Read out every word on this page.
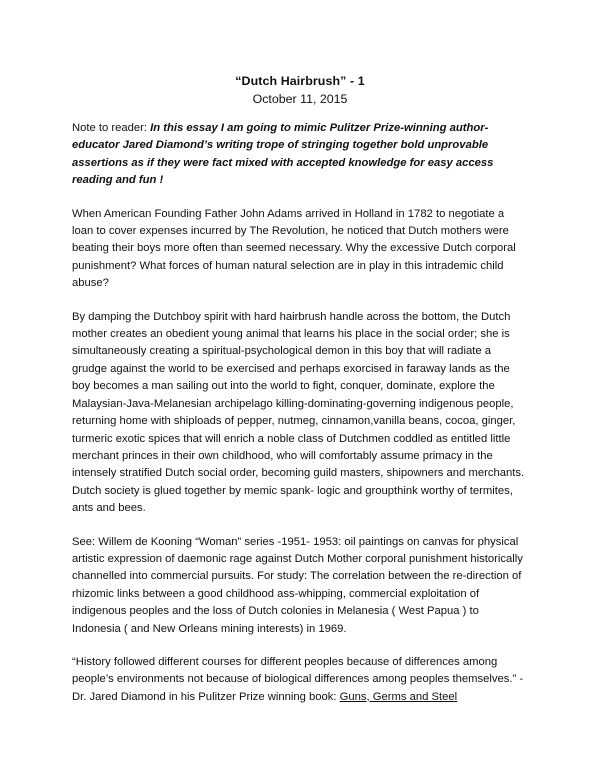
“Dutch Hairbrush” - 1
October 11, 2015

Note to reader: In this essay I am going to mimic Pulitzer Prize-winning author-educator Jared Diamond’s writing trope of stringing together bold unprovable assertions as if they were fact mixed with accepted knowledge for easy access reading and fun !

When American Founding Father John Adams arrived in Holland in 1782 to negotiate a loan to cover expenses incurred by The Revolution, he noticed that Dutch mothers were beating their boys more often than seemed necessary. Why the excessive Dutch corporal punishment? What forces of human natural selection are in play in this intrademic child abuse?

By damping the Dutchboy spirit with hard hairbrush handle across the bottom, the Dutch mother creates an obedient young animal that learns his place in the social order; she is simultaneously creating a spiritual-psychological demon in this boy that will radiate a grudge against the world to be exercised and perhaps exorcised in faraway lands as the boy becomes a man sailing out into the world to fight, conquer, dominate, explore the Malaysian-Java-Melanesian archipelago killing-dominating-governing indigenous people, returning home with shiploads of pepper, nutmeg, cinnamon,vanilla beans, cocoa, ginger, turmeric exotic spices that will enrich a noble class of Dutchmen coddled as entitled little merchant princes in their own childhood, who will comfortably assume primacy in the intensely stratified Dutch social order, becoming guild masters, shipowners and merchants. Dutch society is glued together by memic spank- logic and groupthink worthy of termites, ants and bees.

See: Willem de Kooning “Woman” series -1951- 1953: oil paintings on canvas for physical artistic expression of daemonic rage against Dutch Mother corporal punishment historically channelled into commercial pursuits. For study: The correlation between the re-direction of rhizomic links between a good childhood ass-whipping, commercial exploitation of indigenous peoples and the loss of Dutch colonies in Melanesia ( West Papua ) to Indonesia ( and New Orleans mining interests) in 1969.

“History followed different courses for different peoples because of differences among people’s environments not because of biological differences among peoples themselves.” - Dr. Jared Diamond in his Pulitzer Prize winning book: Guns, Germs and Steel
